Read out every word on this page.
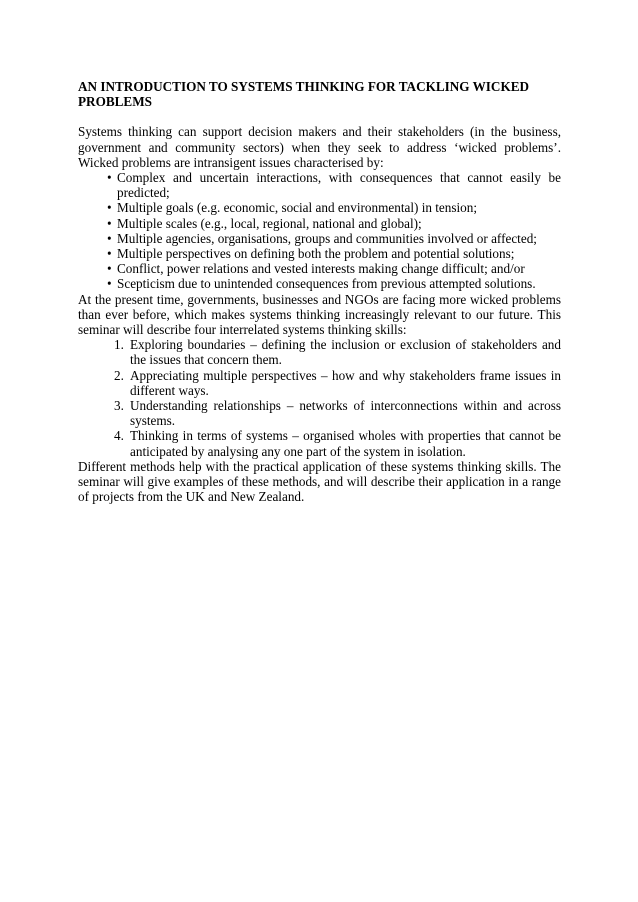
AN INTRODUCTION TO SYSTEMS THINKING FOR TACKLING WICKED PROBLEMS

Systems thinking can support decision makers and their stakeholders (in the business, government and community sectors) when they seek to address ‘wicked problems’. Wicked problems are intransigent issues characterised by:

• Complex and uncertain interactions, with consequences that cannot easily be predicted;
• Multiple goals (e.g. economic, social and environmental) in tension;
• Multiple scales (e.g., local, regional, national and global);
• Multiple agencies, organisations, groups and communities involved or affected;
• Multiple perspectives on defining both the problem and potential solutions;
• Conflict, power relations and vested interests making change difficult; and/or
• Scepticism due to unintended consequences from previous attempted solutions.

At the present time, governments, businesses and NGOs are facing more wicked problems than ever before, which makes systems thinking increasingly relevant to our future. This seminar will describe four interrelated systems thinking skills:

1. Exploring boundaries – defining the inclusion or exclusion of stakeholders and the issues that concern them.
2. Appreciating multiple perspectives – how and why stakeholders frame issues in different ways.
3. Understanding relationships – networks of interconnections within and across systems.
4. Thinking in terms of systems – organised wholes with properties that cannot be anticipated by analysing any one part of the system in isolation.

Different methods help with the practical application of these systems thinking skills. The seminar will give examples of these methods, and will describe their application in a range of projects from the UK and New Zealand.
